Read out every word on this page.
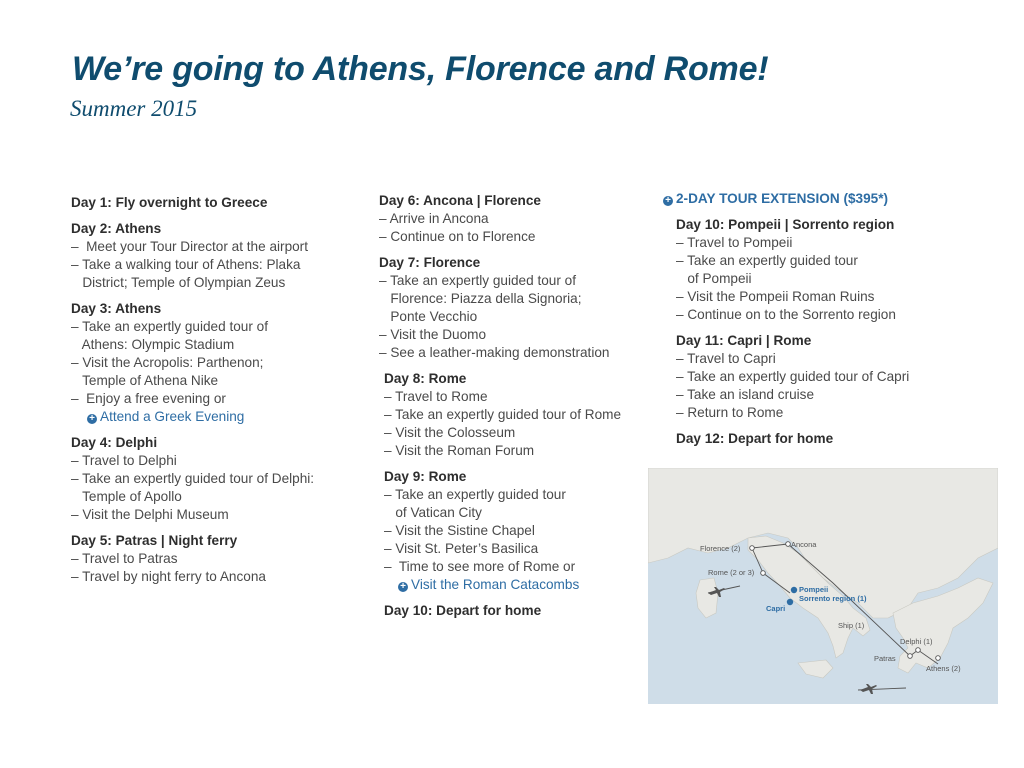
We’re going to Athens, Florence and Rome!
Summer 2015
Day 1: Fly overnight to Greece
Day 2: Athens
–  Meet your Tour Director at the airport
– Take a walking tour of Athens: Plaka
District; Temple of Olympian Zeus
Day 3: Athens
– Take an expertly guided tour of
Athens: Olympic Stadium
– Visit the Acropolis: Parthenon;
Temple of Athena Nike
–  Enjoy a free evening or
+ Attend a Greek Evening
Day 4: Delphi
– Travel to Delphi
– Take an expertly guided tour of Delphi:
Temple of Apollo
– Visit the Delphi Museum
Day 5: Patras | Night ferry
– Travel to Patras
– Travel by night ferry to Ancona
Day 6: Ancona | Florence
– Arrive in Ancona
– Continue on to Florence
Day 7: Florence
– Take an expertly guided tour of
Florence: Piazza della Signoria;
Ponte Vecchio
– Visit the Duomo
– See a leather-making demonstration
Day 8: Rome
– Travel to Rome
– Take an expertly guided tour of Rome
– Visit the Colosseum
– Visit the Roman Forum
Day 9: Rome
– Take an expertly guided tour
of Vatican City
– Visit the Sistine Chapel
– Visit St. Peter’s Basilica
–  Time to see more of Rome or
+ Visit the Roman Catacombs
Day 10: Depart for home
+ 2-DAY TOUR EXTENSION ($395*)
Day 10: Pompeii | Sorrento region
– Travel to Pompeii
– Take an expertly guided tour
of Pompeii
– Visit the Pompeii Roman Ruins
– Continue on to the Sorrento region
Day 11: Capri | Rome
– Travel to Capri
– Take an expertly guided tour of Capri
– Take an island cruise
– Return to Rome
Day 12: Depart for home
Florence (2)	Ancona
Rome (2 or 3)
Pompeii
Sorrento region (1)
Capri
Ship (1)
Delphi (1)
Patras
Athens (2)
